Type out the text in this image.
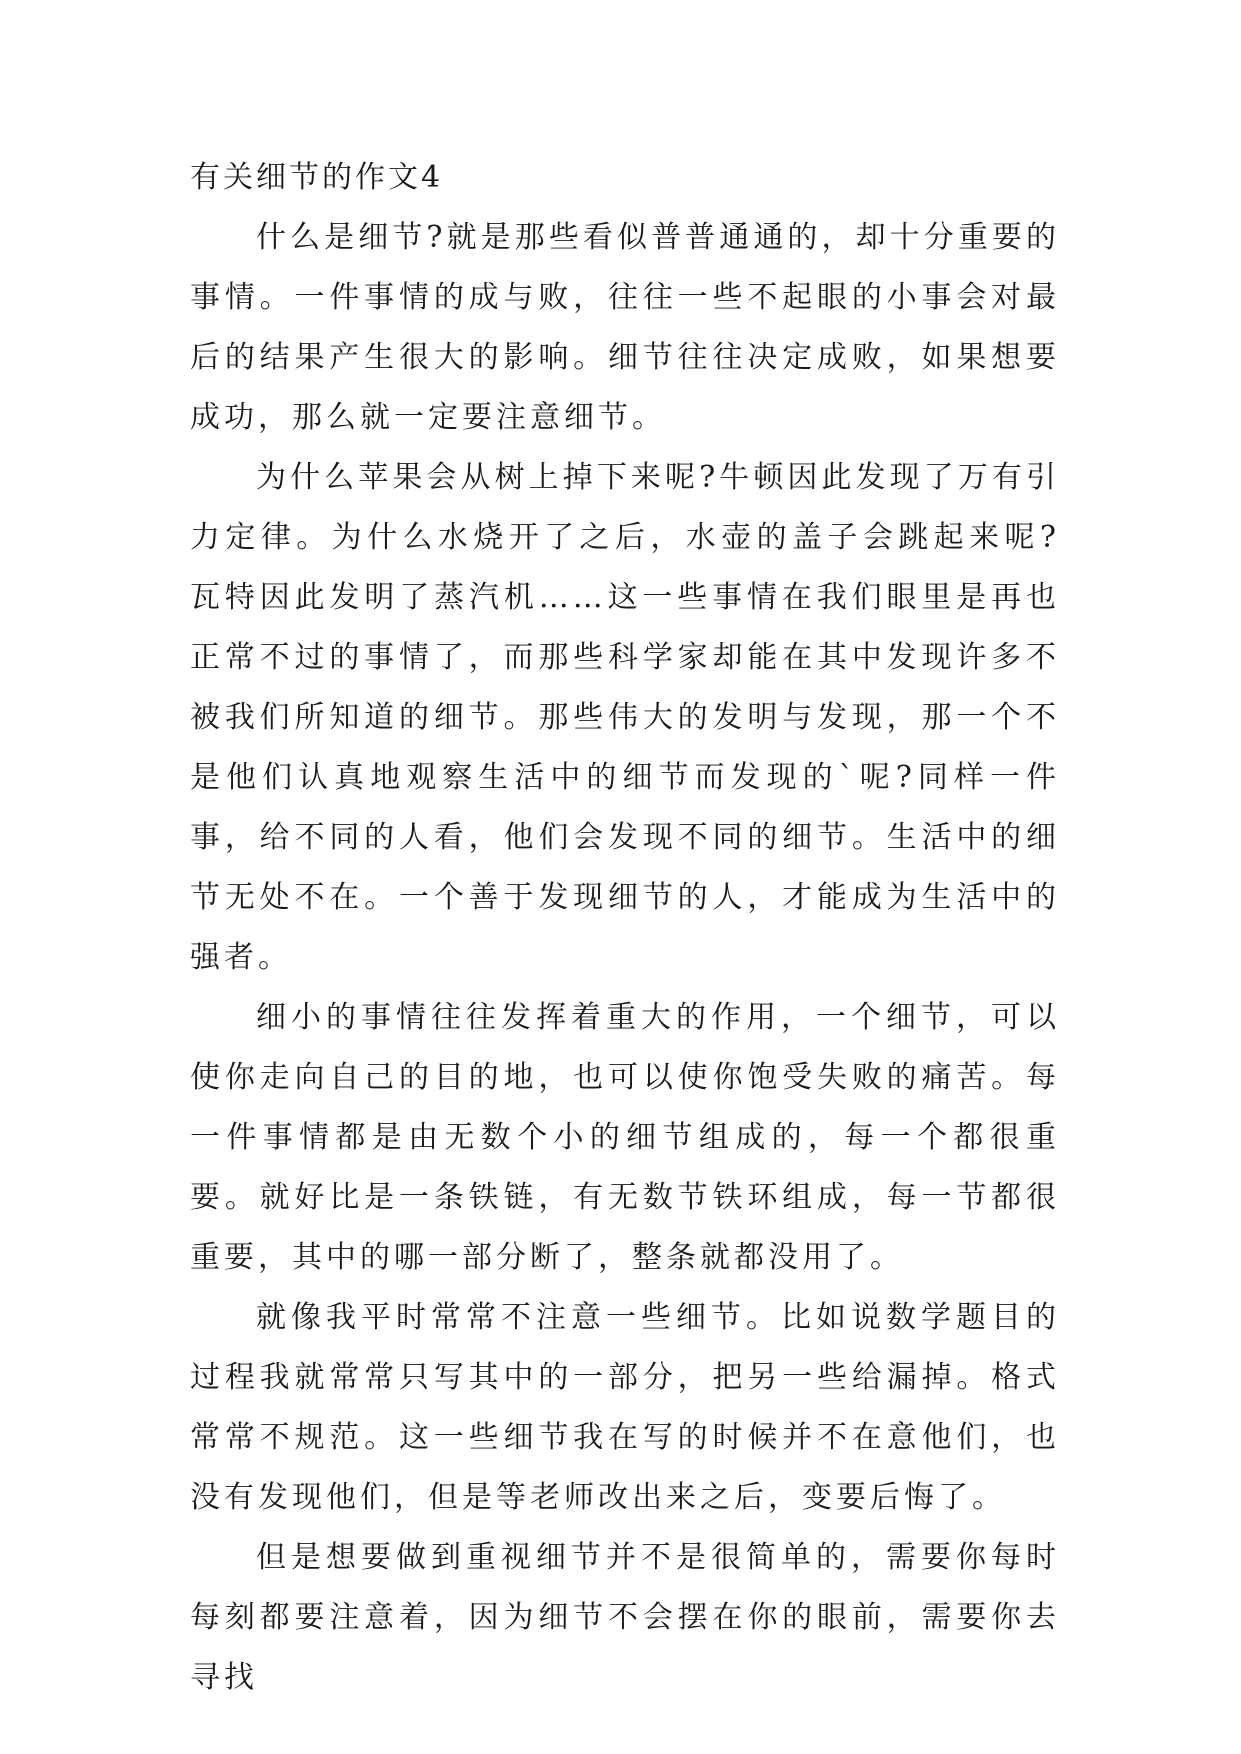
有关细节的作文4

什么是细节?就是那些看似普普通通的，却十分重要的事情。一件事情的成与败，往往一些不起眼的小事会对最后的结果产生很大的影响。细节往往决定成败，如果想要成功，那么就一定要注意细节。

为什么苹果会从树上掉下来呢?牛顿因此发现了万有引力定律。为什么水烧开了之后，水壶的盖子会跳起来呢?瓦特因此发明了蒸汽机……这一些事情在我们眼里是再也正常不过的事情了，而那些科学家却能在其中发现许多不被我们所知道的细节。那些伟大的发明与发现，那一个不是他们认真地观察生活中的细节而发现的`呢?同样一件事，给不同的人看，他们会发现不同的细节。生活中的细节无处不在。一个善于发现细节的人，才能成为生活中的强者。

细小的事情往往发挥着重大的作用，一个细节，可以使你走向自己的目的地，也可以使你饱受失败的痛苦。每一件事情都是由无数个小的细节组成的，每一个都很重要。就好比是一条铁链，有无数节铁环组成，每一节都很重要，其中的哪一部分断了，整条就都没用了。

就像我平时常常不注意一些细节。比如说数学题目的过程我就常常只写其中的一部分，把另一些给漏掉。格式常常不规范。这一些细节我在写的时候并不在意他们，也没有发现他们，但是等老师改出来之后，变要后悔了。

但是想要做到重视细节并不是很简单的，需要你每时每刻都要注意着，因为细节不会摆在你的眼前，需要你去寻找
